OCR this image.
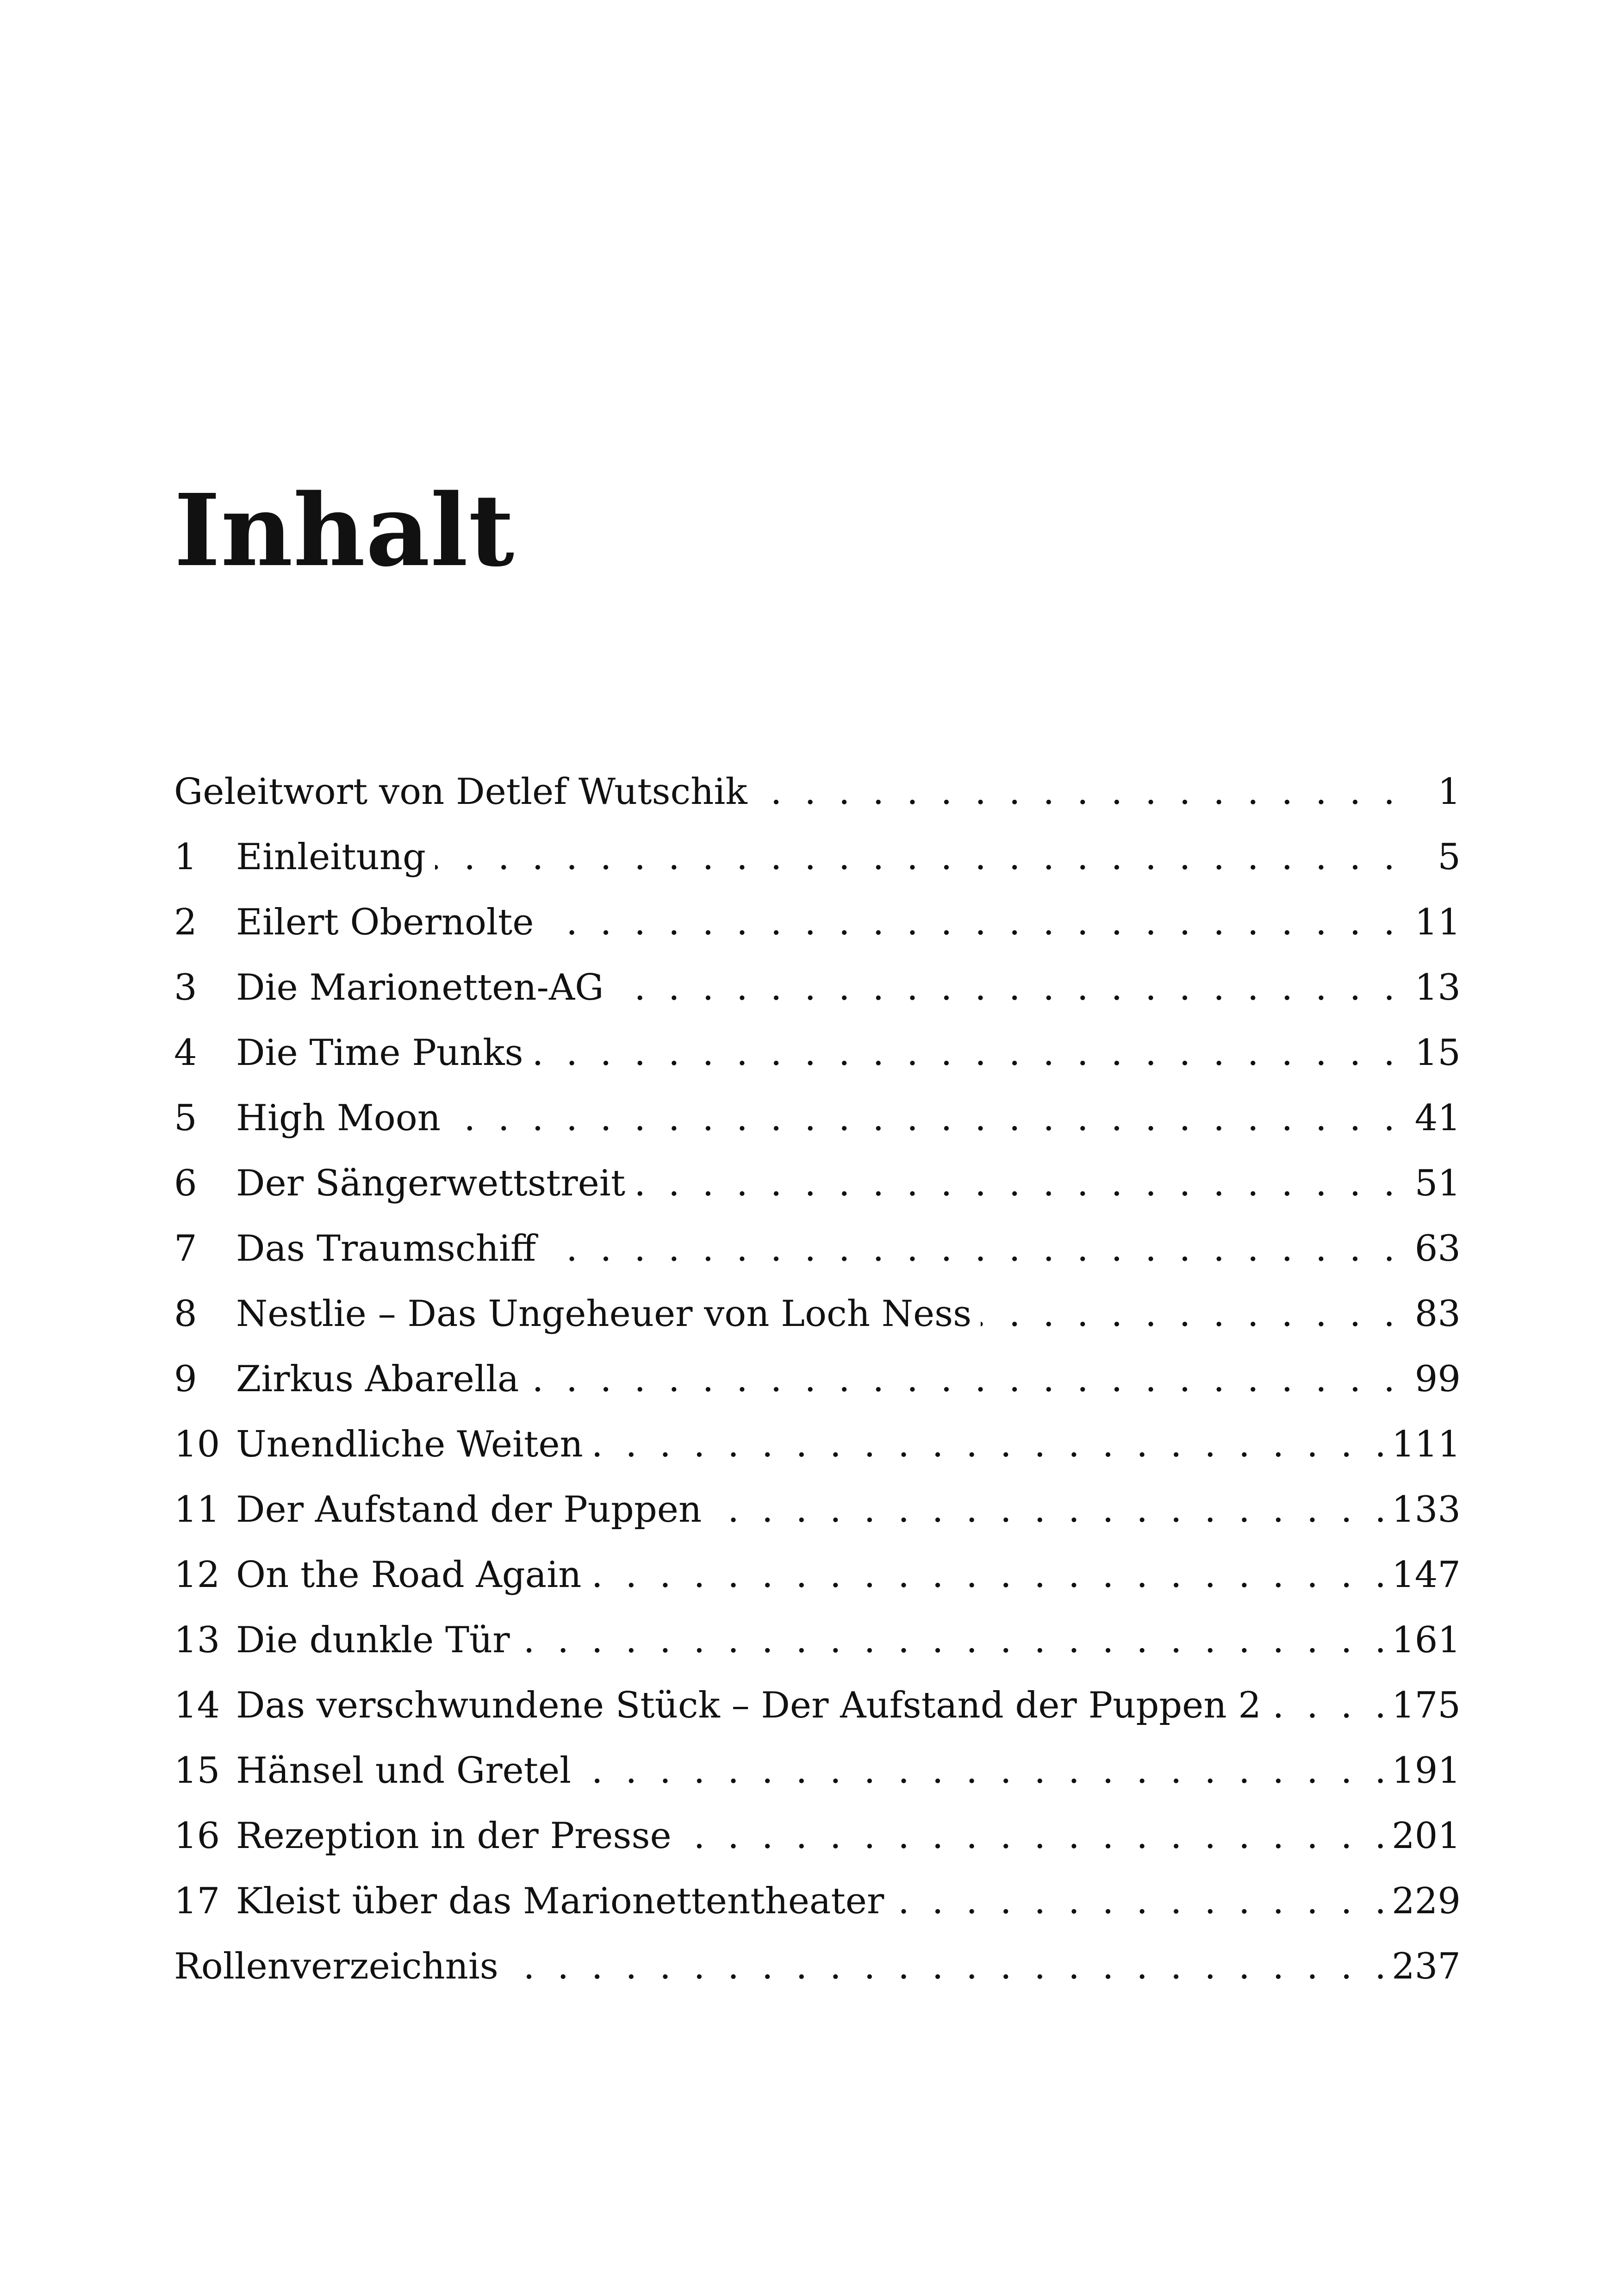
Inhalt
Geleitwort von Detlef Wutschik . . .	1
1	Einleitung . . .	5
2	Eilert Obernolte . . .	11
3	Die Marionetten-AG . . .	13
4	Die Time Punks . . .	15
5	High Moon . . .	41
6	Der Sängerwettstreit . . .	51
7	Das Traumschiff . . .	63
8	Nestlie – Das Ungeheuer von Loch Ness . . .	83
9	Zirkus Abarella . . .	99
10 Unendliche Weiten . . .	111
11 Der Aufstand der Puppen . . .	133
12 On the Road Again . . .	147
13 Die dunkle Tür . . .	161
14 Das verschwundene Stück – Der Aufstand der Puppen 2 . . .	175
15 Hänsel und Gretel . . .	191
16 Rezeption in der Presse . . .	201
17 Kleist über das Marionettentheater . . .	229
Rollenverzeichnis . . .	237
